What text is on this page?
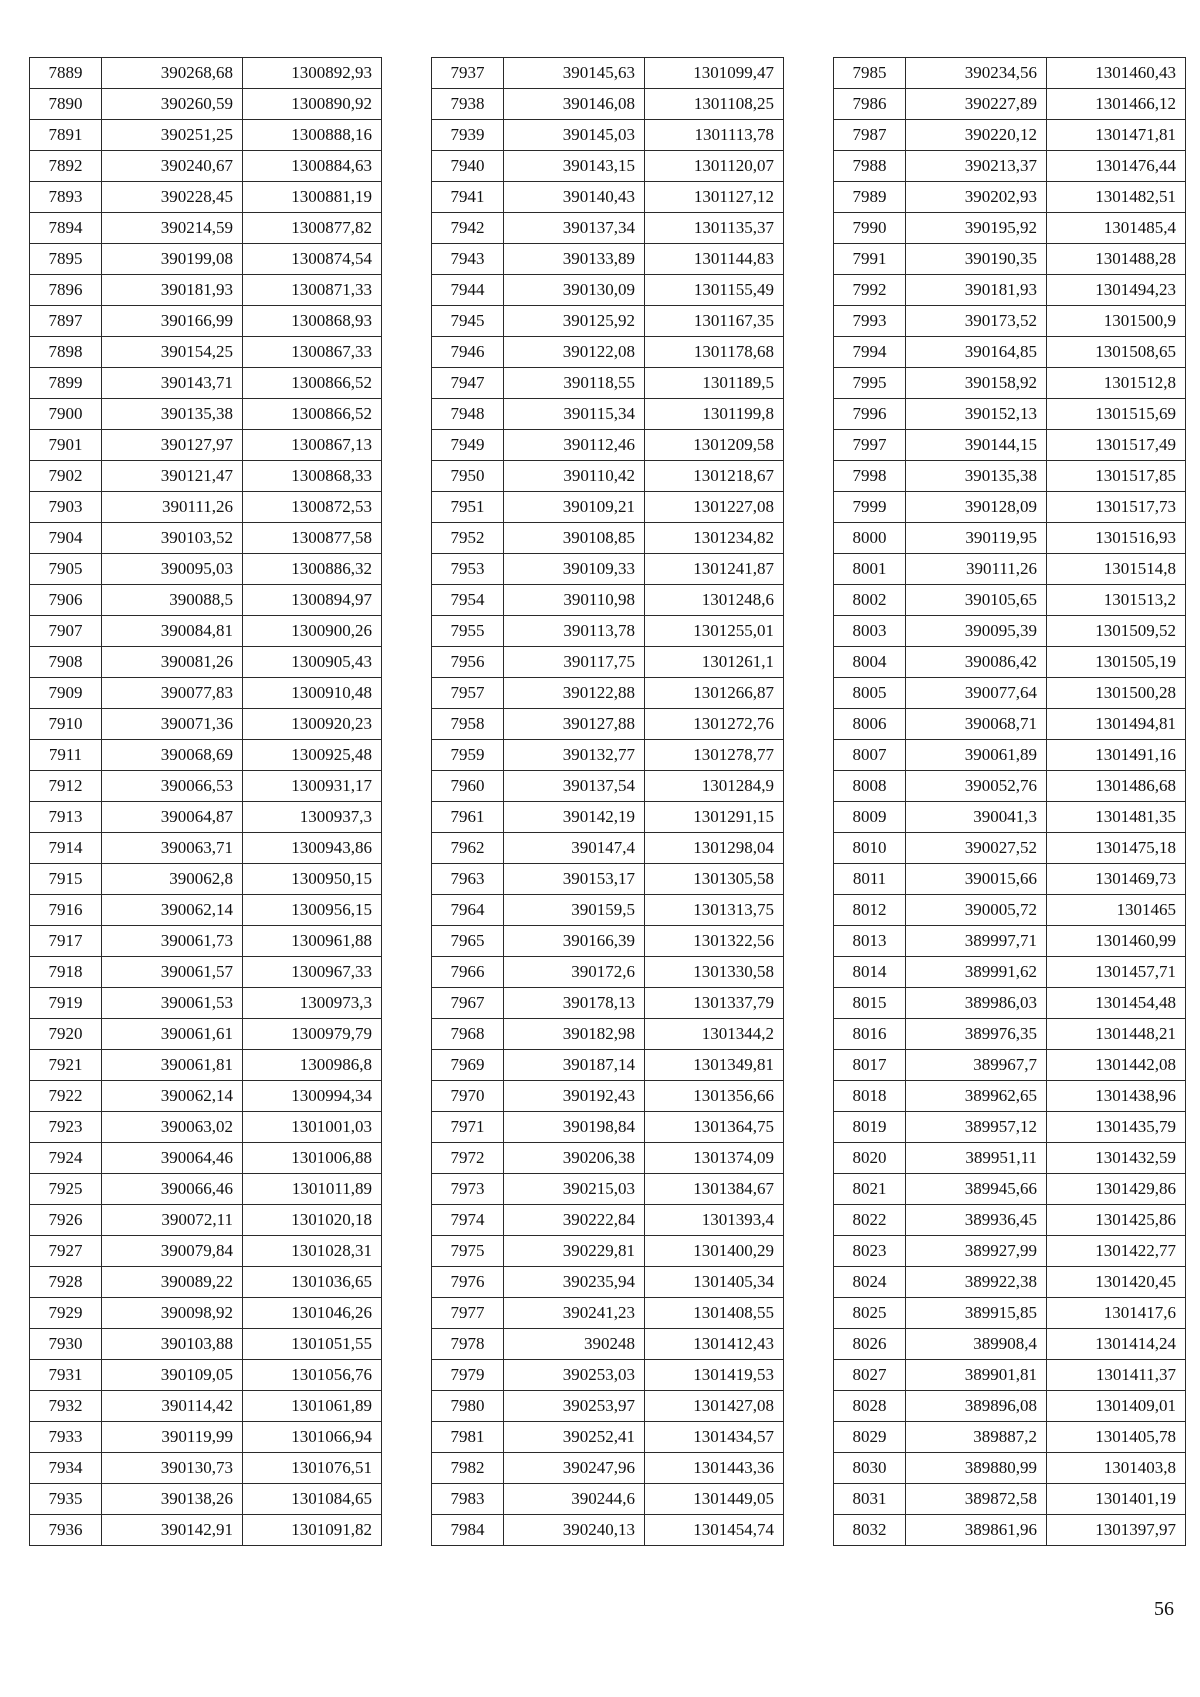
7889	390268,68	1300892,93
7890	390260,59	1300890,92
7891	390251,25	1300888,16
7892	390240,67	1300884,63
7893	390228,45	1300881,19
7894	390214,59	1300877,82
7895	390199,08	1300874,54
7896	390181,93	1300871,33
7897	390166,99	1300868,93
7898	390154,25	1300867,33
7899	390143,71	1300866,52
7900	390135,38	1300866,52
7901	390127,97	1300867,13
7902	390121,47	1300868,33
7903	390111,26	1300872,53
7904	390103,52	1300877,58
7905	390095,03	1300886,32
7906	390088,5	1300894,97
7907	390084,81	1300900,26
7908	390081,26	1300905,43
7909	390077,83	1300910,48
7910	390071,36	1300920,23
7911	390068,69	1300925,48
7912	390066,53	1300931,17
7913	390064,87	1300937,3
7914	390063,71	1300943,86
7915	390062,8	1300950,15
7916	390062,14	1300956,15
7917	390061,73	1300961,88
7918	390061,57	1300967,33
7919	390061,53	1300973,3
7920	390061,61	1300979,79
7921	390061,81	1300986,8
7922	390062,14	1300994,34
7923	390063,02	1301001,03
7924	390064,46	1301006,88
7925	390066,46	1301011,89
7926	390072,11	1301020,18
7927	390079,84	1301028,31
7928	390089,22	1301036,65
7929	390098,92	1301046,26
7930	390103,88	1301051,55
7931	390109,05	1301056,76
7932	390114,42	1301061,89
7933	390119,99	1301066,94
7934	390130,73	1301076,51
7935	390138,26	1301084,65
7936	390142,91	1301091,82
7937	390145,63	1301099,47
7938	390146,08	1301108,25
7939	390145,03	1301113,78
7940	390143,15	1301120,07
7941	390140,43	1301127,12
7942	390137,34	1301135,37
7943	390133,89	1301144,83
7944	390130,09	1301155,49
7945	390125,92	1301167,35
7946	390122,08	1301178,68
7947	390118,55	1301189,5
7948	390115,34	1301199,8
7949	390112,46	1301209,58
7950	390110,42	1301218,67
7951	390109,21	1301227,08
7952	390108,85	1301234,82
7953	390109,33	1301241,87
7954	390110,98	1301248,6
7955	390113,78	1301255,01
7956	390117,75	1301261,1
7957	390122,88	1301266,87
7958	390127,88	1301272,76
7959	390132,77	1301278,77
7960	390137,54	1301284,9
7961	390142,19	1301291,15
7962	390147,4	1301298,04
7963	390153,17	1301305,58
7964	390159,5	1301313,75
7965	390166,39	1301322,56
7966	390172,6	1301330,58
7967	390178,13	1301337,79
7968	390182,98	1301344,2
7969	390187,14	1301349,81
7970	390192,43	1301356,66
7971	390198,84	1301364,75
7972	390206,38	1301374,09
7973	390215,03	1301384,67
7974	390222,84	1301393,4
7975	390229,81	1301400,29
7976	390235,94	1301405,34
7977	390241,23	1301408,55
7978	390248	1301412,43
7979	390253,03	1301419,53
7980	390253,97	1301427,08
7981	390252,41	1301434,57
7982	390247,96	1301443,36
7983	390244,6	1301449,05
7984	390240,13	1301454,74
7985	390234,56	1301460,43
7986	390227,89	1301466,12
7987	390220,12	1301471,81
7988	390213,37	1301476,44
7989	390202,93	1301482,51
7990	390195,92	1301485,4
7991	390190,35	1301488,28
7992	390181,93	1301494,23
7993	390173,52	1301500,9
7994	390164,85	1301508,65
7995	390158,92	1301512,8
7996	390152,13	1301515,69
7997	390144,15	1301517,49
7998	390135,38	1301517,85
7999	390128,09	1301517,73
8000	390119,95	1301516,93
8001	390111,26	1301514,8
8002	390105,65	1301513,2
8003	390095,39	1301509,52
8004	390086,42	1301505,19
8005	390077,64	1301500,28
8006	390068,71	1301494,81
8007	390061,89	1301491,16
8008	390052,76	1301486,68
8009	390041,3	1301481,35
8010	390027,52	1301475,18
8011	390015,66	1301469,73
8012	390005,72	1301465
8013	389997,71	1301460,99
8014	389991,62	1301457,71
8015	389986,03	1301454,48
8016	389976,35	1301448,21
8017	389967,7	1301442,08
8018	389962,65	1301438,96
8019	389957,12	1301435,79
8020	389951,11	1301432,59
8021	389945,66	1301429,86
8022	389936,45	1301425,86
8023	389927,99	1301422,77
8024	389922,38	1301420,45
8025	389915,85	1301417,6
8026	389908,4	1301414,24
8027	389901,81	1301411,37
8028	389896,08	1301409,01
8029	389887,2	1301405,78
8030	389880,99	1301403,8
8031	389872,58	1301401,19
8032	389861,96	1301397,97
56
